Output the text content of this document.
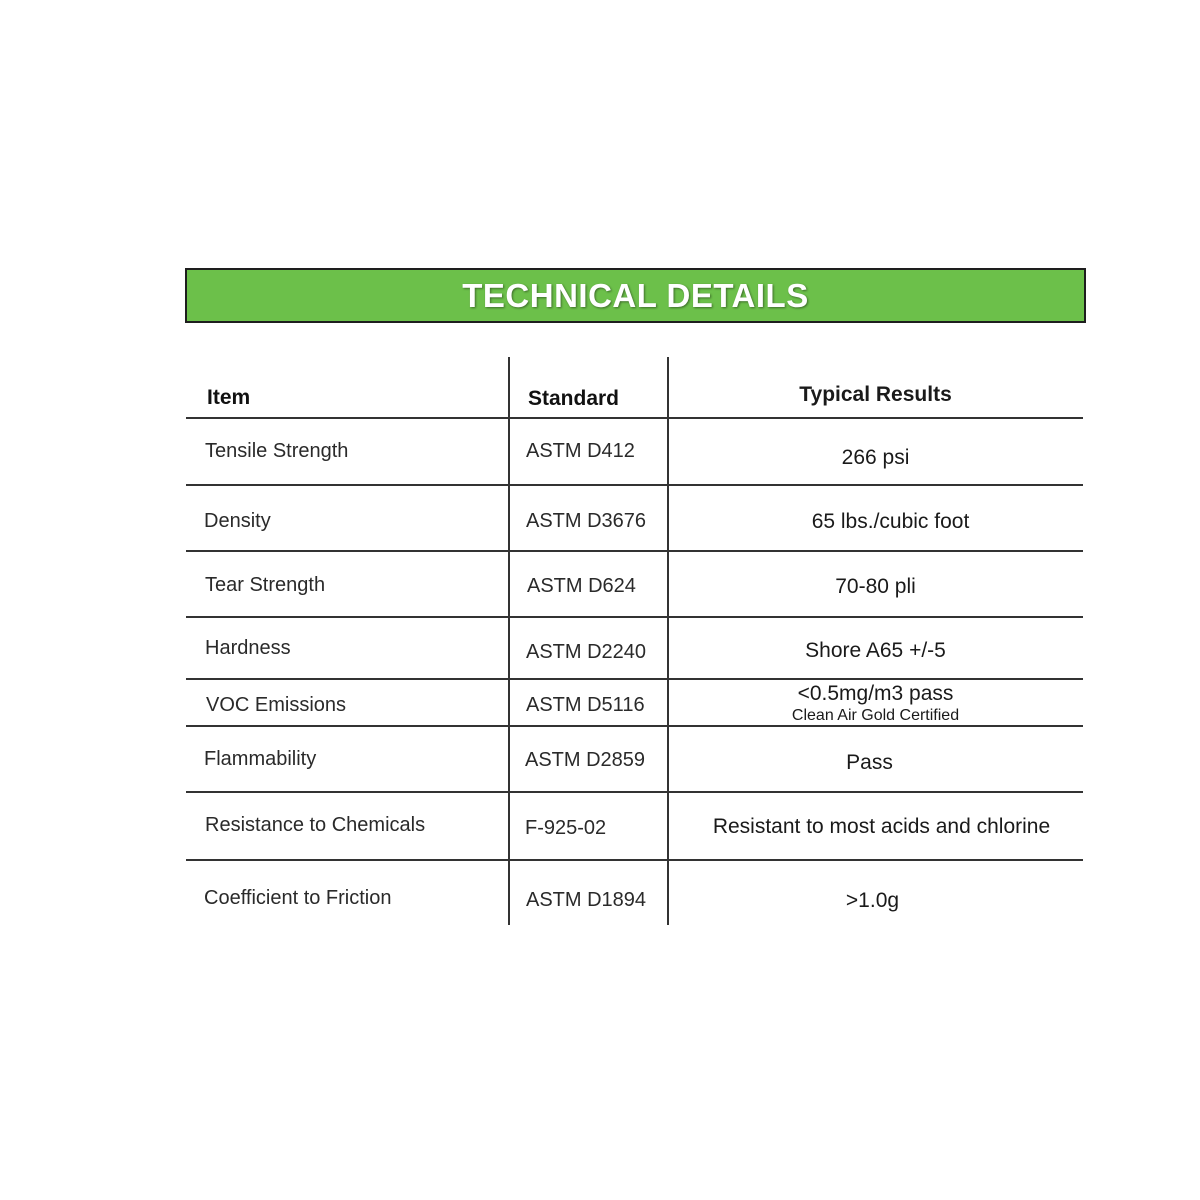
TECHNICAL DETAILS
Item	Standard	Typical Results
Tensile Strength	ASTM D412	266 psi
Density	ASTM D3676	65 lbs./cubic foot
Tear Strength	ASTM D624	70-80 pli
Hardness	ASTM D2240	Shore A65 +/-5
VOC Emissions	ASTM D5116	<0.5mg/m3 pass
Clean Air Gold Certified
Flammability	ASTM D2859	Pass
Resistance to Chemicals	F-925-02	Resistant to most acids and chlorine
Coefficient to Friction	ASTM D1894	>1.0g
